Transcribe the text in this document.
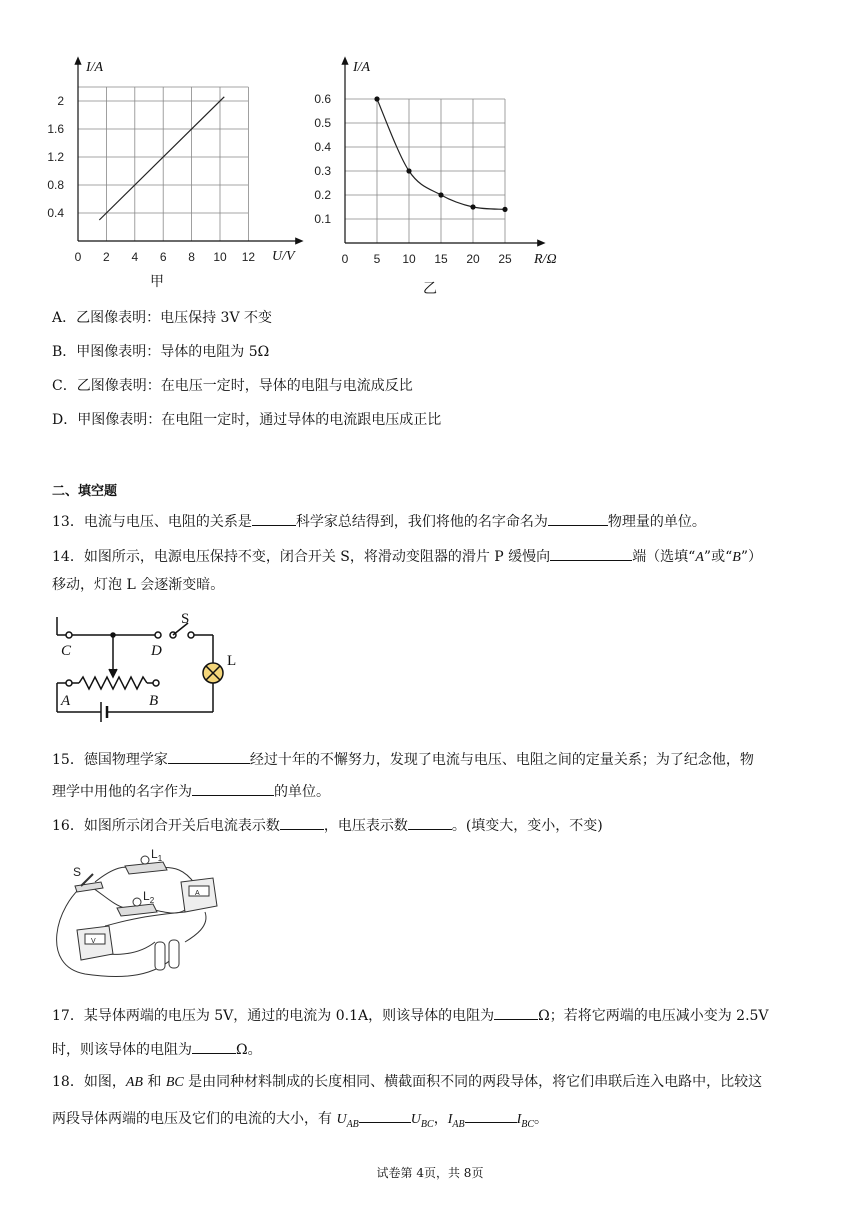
0 2 4 6 8 10 12
0.4
0.8
1.2
1.6
2
I/A
U/V
甲
0 5 10 15 20 25
0.1
0.2
0.3
0.4
0.5
0.6
I/A
R/Ω
乙
A．乙图像表明：电压保持 3V 不变
B．甲图像表明：导体的电阻为 5Ω
C．乙图像表明：在电压一定时，导体的电阻与电流成反比
D．甲图像表明：在电阻一定时，通过导体的电流跟电压成正比
二、填空题
13．电流与电压、电阻的关系是	科学家总结得到，我们将他的名字命名为	物理量的单位。
14．如图所示，电源电压保持不变，闭合开关 S，将滑动变阻器的滑片 P 缓慢向	端（选填“A”或“B”）
移动，灯泡 L 会逐渐变暗。
S
L
C	D
A	B
15．德国物理学家	经过十年的不懈努力，发现了电流与电压、电阻之间的定量关系；为了纪念他，物
理学中用他的名字作为	的单位。
16．如图所示闭合开关后电流表示数	，电压表示数	。(填变大，变小，不变)
S
$L_1$
$L_2$
A
V
17．某导体两端的电压为 5V，通过的电流为 0.1A，则该导体的电阻为	Ω；若将它两端的电压减小变为 2.5V
时，则该导体的电阻为	Ω。
18．如图，AB 和 BC 是由同种材料制成的长度相同、横截面积不同的两段导体，将它们串联后连入电路中，比较这
两段导体两端的电压及它们的电流的大小，有 $U_{AB}$	$U_{BC}$，$I_{AB}$	$I_{BC}$。
试卷第 4页，共 8页
